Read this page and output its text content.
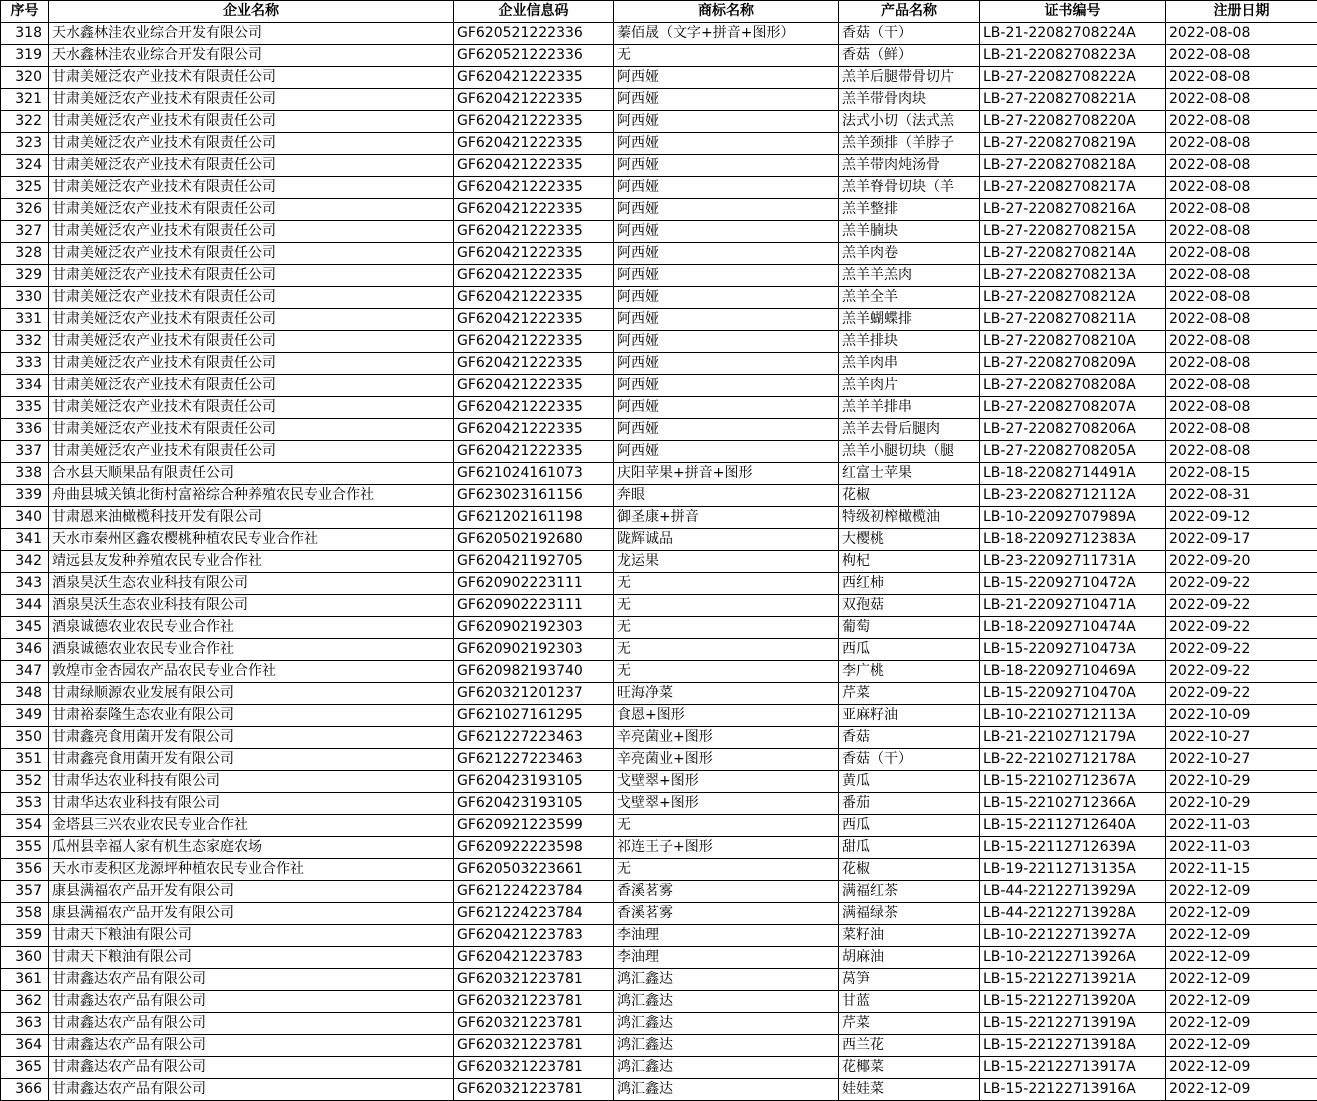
序号	企业名称	企业信息码	商标名称	产品名称	证书编号	注册日期
318	天水鑫林洼农业综合开发有限公司	GF620521222336	蓁佰晟（文字+拼音+图形）	香菇（干）	LB-21-22082708224A	2022-08-08
319	天水鑫林洼农业综合开发有限公司	GF620521222336	无	香菇（鲜）	LB-21-22082708223A	2022-08-08
320	甘肃美娅泛农产业技术有限责任公司	GF620421222335	阿西娅	羔羊后腿带骨切片	LB-27-22082708222A	2022-08-08
321	甘肃美娅泛农产业技术有限责任公司	GF620421222335	阿西娅	羔羊带骨肉块	LB-27-22082708221A	2022-08-08
322	甘肃美娅泛农产业技术有限责任公司	GF620421222335	阿西娅	法式小切（法式羔	LB-27-22082708220A	2022-08-08
323	甘肃美娅泛农产业技术有限责任公司	GF620421222335	阿西娅	羔羊颈排（羊脖子	LB-27-22082708219A	2022-08-08
324	甘肃美娅泛农产业技术有限责任公司	GF620421222335	阿西娅	羔羊带肉炖汤骨	LB-27-22082708218A	2022-08-08
325	甘肃美娅泛农产业技术有限责任公司	GF620421222335	阿西娅	羔羊脊骨切块（羊	LB-27-22082708217A	2022-08-08
326	甘肃美娅泛农产业技术有限责任公司	GF620421222335	阿西娅	羔羊整排	LB-27-22082708216A	2022-08-08
327	甘肃美娅泛农产业技术有限责任公司	GF620421222335	阿西娅	羔羊腩块	LB-27-22082708215A	2022-08-08
328	甘肃美娅泛农产业技术有限责任公司	GF620421222335	阿西娅	羔羊肉卷	LB-27-22082708214A	2022-08-08
329	甘肃美娅泛农产业技术有限责任公司	GF620421222335	阿西娅	羔羊羊羔肉	LB-27-22082708213A	2022-08-08
330	甘肃美娅泛农产业技术有限责任公司	GF620421222335	阿西娅	羔羊全羊	LB-27-22082708212A	2022-08-08
331	甘肃美娅泛农产业技术有限责任公司	GF620421222335	阿西娅	羔羊蝴蝶排	LB-27-22082708211A	2022-08-08
332	甘肃美娅泛农产业技术有限责任公司	GF620421222335	阿西娅	羔羊排块	LB-27-22082708210A	2022-08-08
333	甘肃美娅泛农产业技术有限责任公司	GF620421222335	阿西娅	羔羊肉串	LB-27-22082708209A	2022-08-08
334	甘肃美娅泛农产业技术有限责任公司	GF620421222335	阿西娅	羔羊肉片	LB-27-22082708208A	2022-08-08
335	甘肃美娅泛农产业技术有限责任公司	GF620421222335	阿西娅	羔羊羊排串	LB-27-22082708207A	2022-08-08
336	甘肃美娅泛农产业技术有限责任公司	GF620421222335	阿西娅	羔羊去骨后腿肉	LB-27-22082708206A	2022-08-08
337	甘肃美娅泛农产业技术有限责任公司	GF620421222335	阿西娅	羔羊小腿切块（腿	LB-27-22082708205A	2022-08-08
338	合水县天顺果品有限责任公司	GF621024161073	庆阳苹果+拼音+图形	红富士苹果	LB-18-22082714491A	2022-08-15
339	舟曲县城关镇北街村富裕综合种养殖农民专业合作社	GF623023161156	奔眼	花椒	LB-23-22082712112A	2022-08-31
340	甘肃恩来油橄榄科技开发有限公司	GF621202161198	御圣康+拼音	特级初榨橄榄油	LB-10-22092707989A	2022-09-12
341	天水市秦州区鑫农樱桃种植农民专业合作社	GF620502192680	陇辉诚品	大樱桃	LB-18-22092712383A	2022-09-17
342	靖远县友发种养殖农民专业合作社	GF620421192705	龙运果	枸杞	LB-23-22092711731A	2022-09-20
343	酒泉昊沃生态农业科技有限公司	GF620902223111	无	西红柿	LB-15-22092710472A	2022-09-22
344	酒泉昊沃生态农业科技有限公司	GF620902223111	无	双孢菇	LB-21-22092710471A	2022-09-22
345	酒泉诚德农业农民专业合作社	GF620902192303	无	葡萄	LB-18-22092710474A	2022-09-22
346	酒泉诚德农业农民专业合作社	GF620902192303	无	西瓜	LB-15-22092710473A	2022-09-22
347	敦煌市金杏园农产品农民专业合作社	GF620982193740	无	李广桃	LB-18-22092710469A	2022-09-22
348	甘肃绿顺源农业发展有限公司	GF620321201237	旺海净菜	芹菜	LB-15-22092710470A	2022-09-22
349	甘肃裕泰隆生态农业有限公司	GF621027161295	食恩+图形	亚麻籽油	LB-10-22102712113A	2022-10-09
350	甘肃鑫亮食用菌开发有限公司	GF621227223463	辛亮菌业+图形	香菇	LB-21-22102712179A	2022-10-27
351	甘肃鑫亮食用菌开发有限公司	GF621227223463	辛亮菌业+图形	香菇（干）	LB-22-22102712178A	2022-10-27
352	甘肃华达农业科技有限公司	GF620423193105	戈壁翠+图形	黄瓜	LB-15-22102712367A	2022-10-29
353	甘肃华达农业科技有限公司	GF620423193105	戈壁翠+图形	番茄	LB-15-22102712366A	2022-10-29
354	金塔县三兴农业农民专业合作社	GF620921223599	无	西瓜	LB-15-22112712640A	2022-11-03
355	瓜州县幸福人家有机生态家庭农场	GF620922223598	祁连王子+图形	甜瓜	LB-15-22112712639A	2022-11-03
356	天水市麦积区龙源坪种植农民专业合作社	GF620503223661	无	花椒	LB-19-22112713135A	2022-11-15
357	康县满福农产品开发有限公司	GF621224223784	香溪茗雾	满福红茶	LB-44-22122713929A	2022-12-09
358	康县满福农产品开发有限公司	GF621224223784	香溪茗雾	满福绿茶	LB-44-22122713928A	2022-12-09
359	甘肃天下粮油有限公司	GF620421223783	李油理	菜籽油	LB-10-22122713927A	2022-12-09
360	甘肃天下粮油有限公司	GF620421223783	李油理	胡麻油	LB-10-22122713926A	2022-12-09
361	甘肃鑫达农产品有限公司	GF620321223781	鸿汇鑫达	莴笋	LB-15-22122713921A	2022-12-09
362	甘肃鑫达农产品有限公司	GF620321223781	鸿汇鑫达	甘蓝	LB-15-22122713920A	2022-12-09
363	甘肃鑫达农产品有限公司	GF620321223781	鸿汇鑫达	芹菜	LB-15-22122713919A	2022-12-09
364	甘肃鑫达农产品有限公司	GF620321223781	鸿汇鑫达	西兰花	LB-15-22122713918A	2022-12-09
365	甘肃鑫达农产品有限公司	GF620321223781	鸿汇鑫达	花椰菜	LB-15-22122713917A	2022-12-09
366	甘肃鑫达农产品有限公司	GF620321223781	鸿汇鑫达	娃娃菜	LB-15-22122713916A	2022-12-09
